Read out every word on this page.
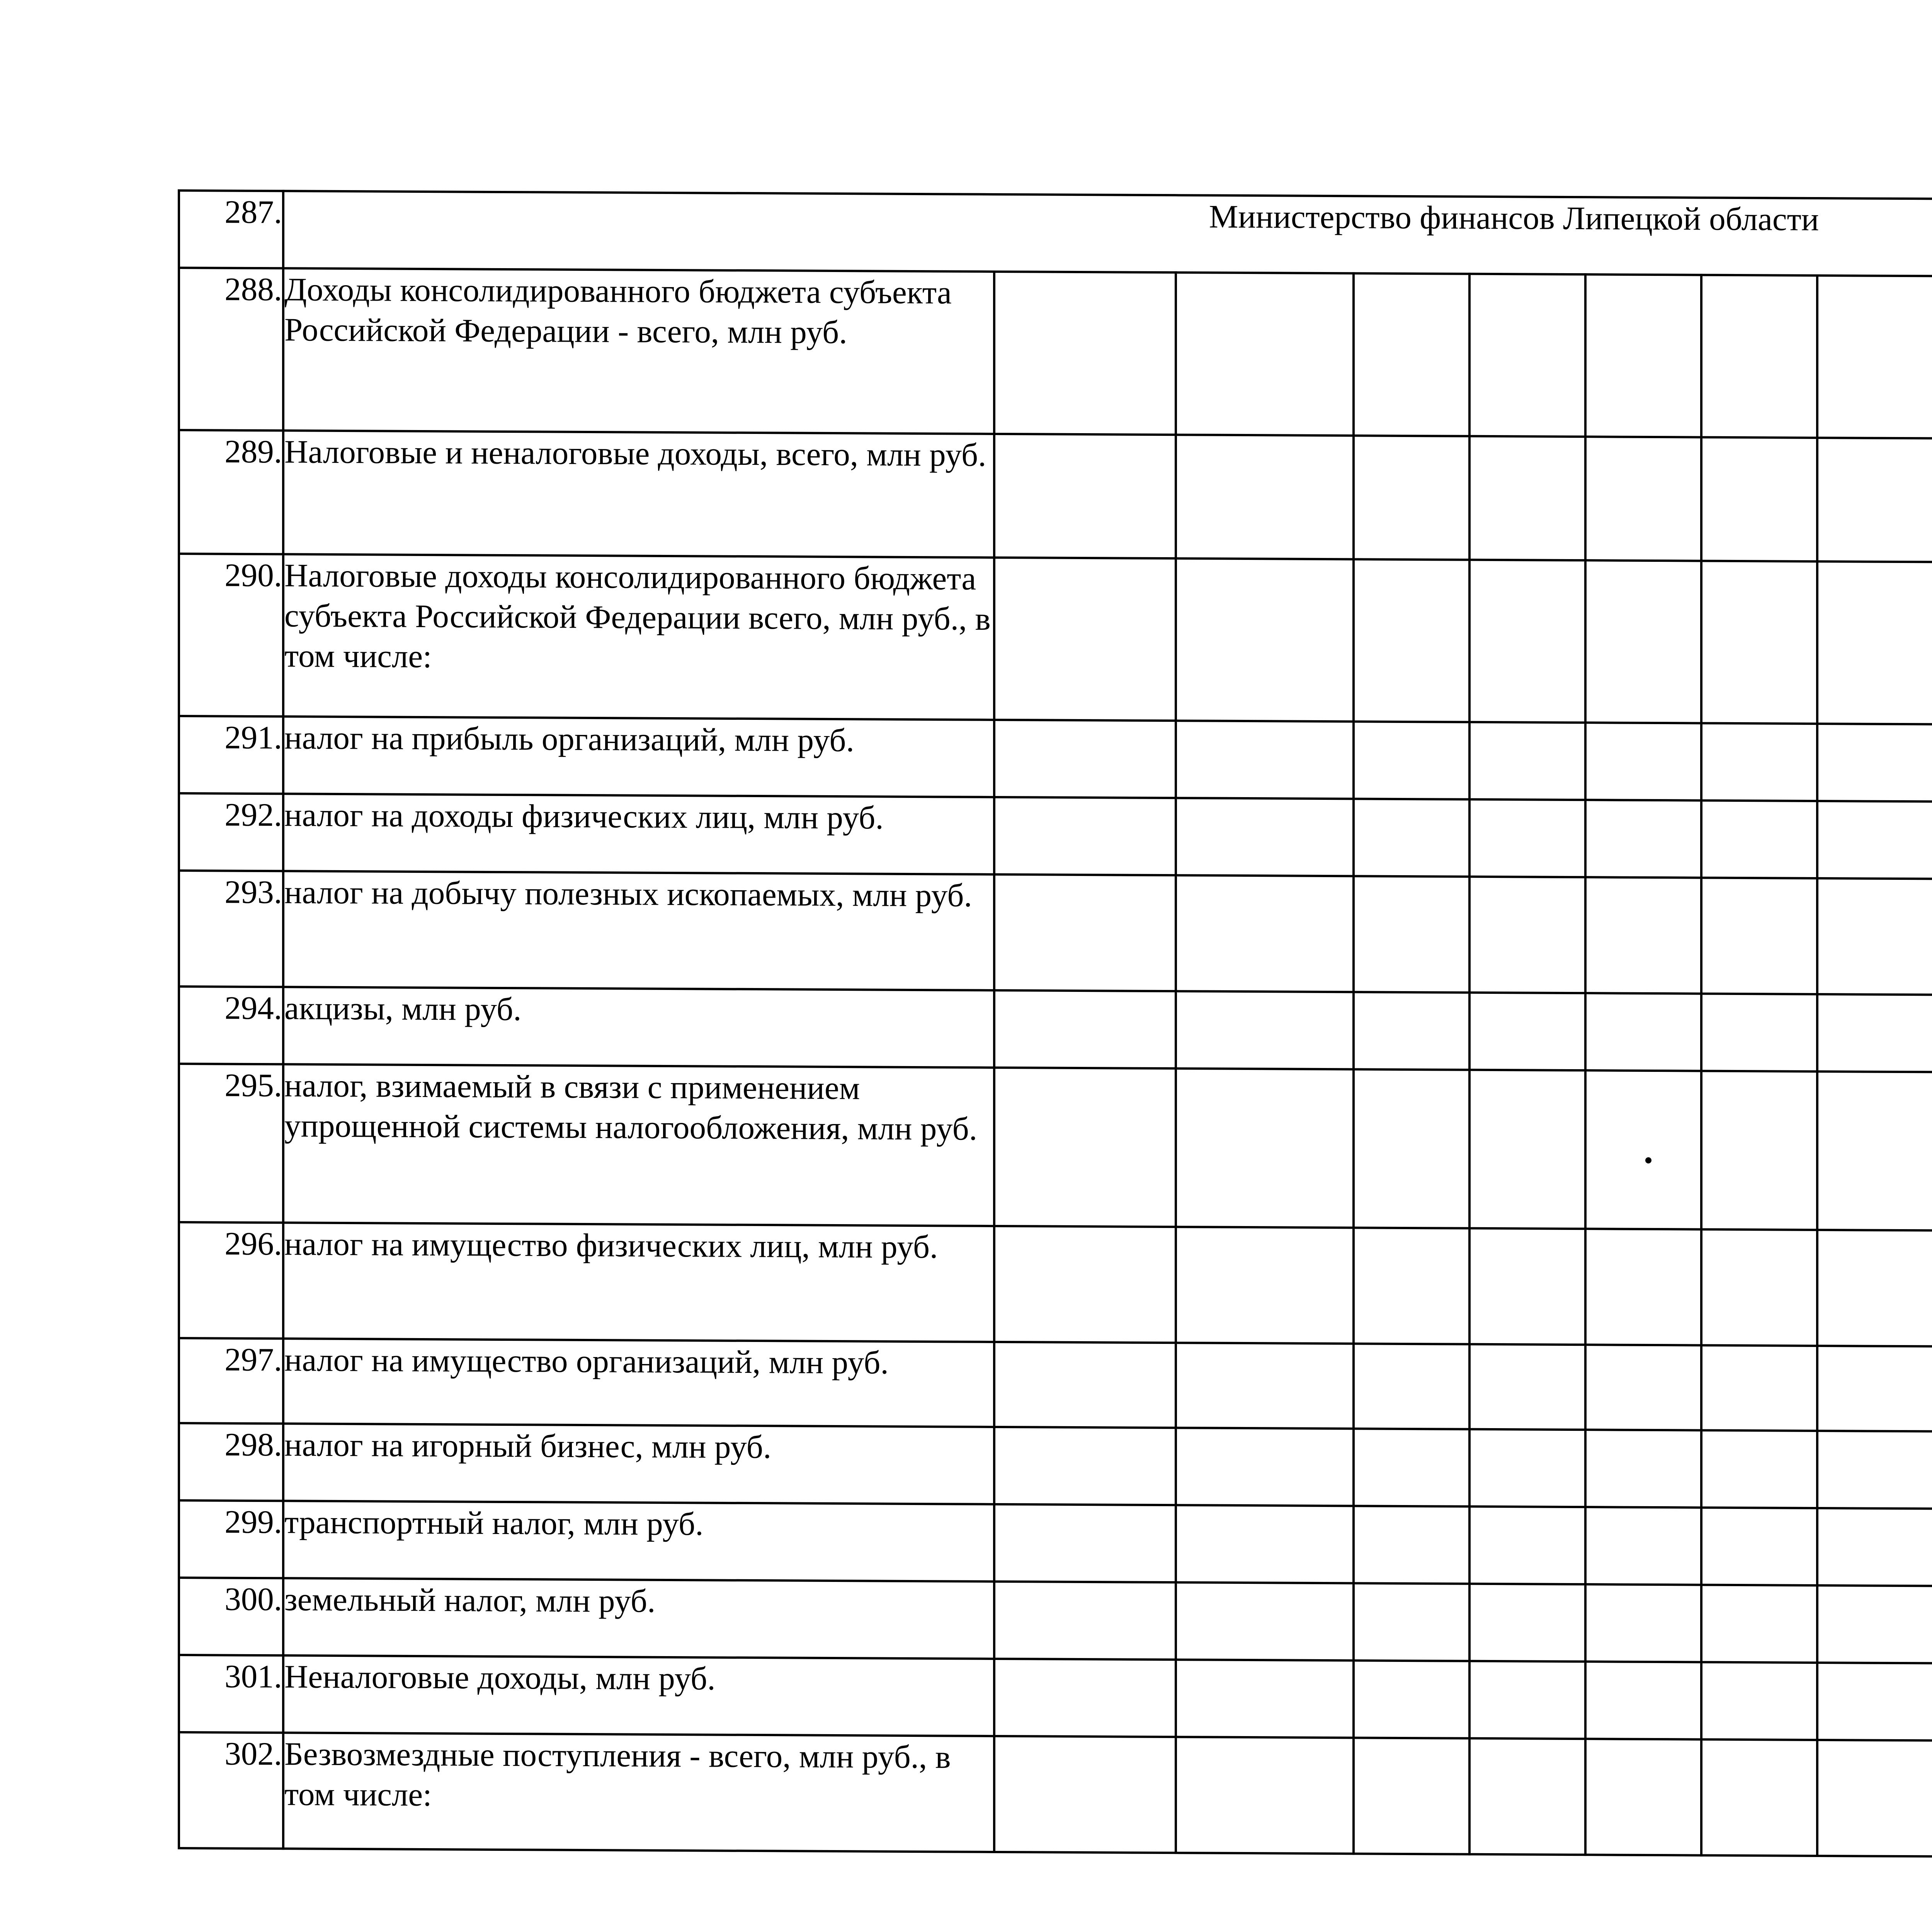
287.	Министерство финансов Липецкой области														
288.	Доходы консолидированного бюджета субъекта Российской Федерации - всего, млн руб.														
289.	Налоговые и неналоговые доходы, всего, млн руб.														
290.	Налоговые доходы консолидированного бюджета субъекта Российской Федерации всего, млн руб., в том числе:														
291.	налог на прибыль организаций, млн руб.														
292.	налог на доходы физических лиц, млн руб.														
293.	налог на добычу полезных ископаемых, млн руб.														
294.	акцизы, млн руб.														
295.	налог, взимаемый в связи с применением упрощенной системы налогообложения, млн руб.														
296.	налог на имущество физических лиц, млн руб.														
297.	налог на имущество организаций, млн руб.														
298.	налог на игорный бизнес, млн руб.														
299.	транспортный налог, млн руб.														
300.	земельный налог, млн руб.														
301.	Неналоговые доходы, млн руб.														
302.	Безвозмездные поступления - всего, млн руб., в том числе:														
